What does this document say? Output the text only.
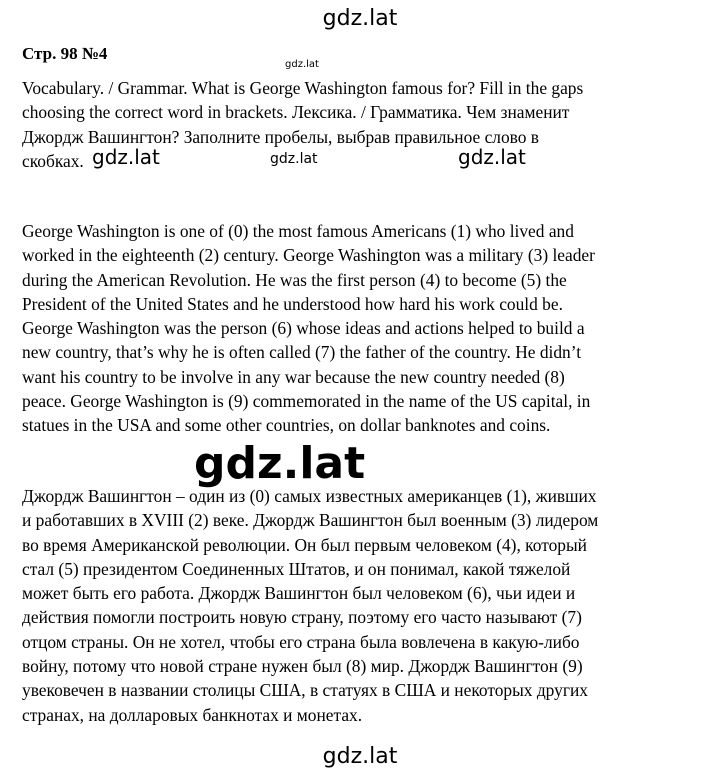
gdz.lat
Стр. 98 №4
gdz.lat

Vocabulary. / Grammar. What is George Washington famous for? Fill in the gaps
choosing the correct word in brackets. Лексика. / Грамматика. Чем знаменит
Джордж Вашингтон? Заполните пробелы, выбрав правильное слово в
скобках. gdz.lat	gdz.lat	gdz.lat

George Washington is one of (0) the most famous Americans (1) who lived and
worked in the eighteenth (2) century. George Washington was a military (3) leader
during the American Revolution. He was the first person (4) to become (5) the
President of the United States and he understood how hard his work could be.
George Washington was the person (6) whose ideas and actions helped to build a
new country, that’s why he is often called (7) the father of the country. He didn’t
want his country to be involve in any war because the new country needed (8)
peace. George Washington is (9) commemorated in the name of the US capital, in
statues in the USA and some other countries, on dollar banknotes and coins.

Джордж Вашингтон – один из (0) самых известных американцев (1), живших
и работавших в XVIII (2) веке. Джордж Вашингтон был военным (3) лидером
во время Американской революции. Он был первым человеком (4), который
стал (5) президентом Соединенных Штатов, и он понимал, какой тяжелой
может быть его работа. Джордж Вашингтон был человеком (6), чьи идеи и
действия помогли построить новую страну, поэтому его часто называют (7)
отцом страны. Он не хотел, чтобы его страна была вовлечена в какую-либо
войну, потому что новой стране нужен был (8) мир. Джордж Вашингтон (9)
увековечен в названии столицы США, в статуях в США и некоторых других
странах, на долларовых банкнотах и монетах.

gdz.lat
gdz.lat
